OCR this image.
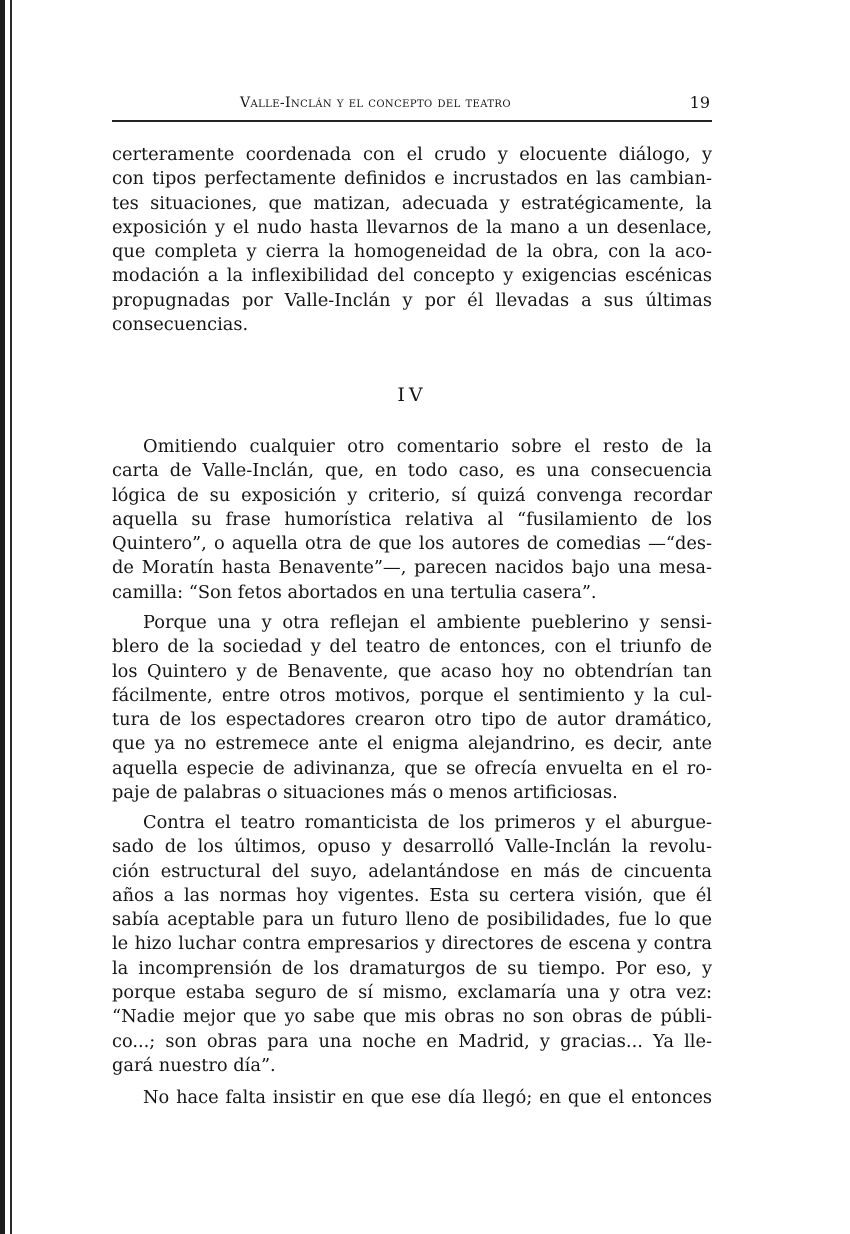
Valle-Inclán y el concepto del teatro	19
certeramente coordenada con el crudo y elocuente diálogo, y
con tipos perfectamente definidos e incrustados en las cambian-
tes situaciones, que matizan, adecuada y estratégicamente, la
exposición y el nudo hasta llevarnos de la mano a un desenlace,
que completa y cierra la homogeneidad de la obra, con la aco-
modación a la inflexibilidad del concepto y exigencias escénicas
propugnadas por Valle-Inclán y por él llevadas a sus últimas
consecuencias.
IV
Omitiendo cualquier otro comentario sobre el resto de la
carta de Valle-Inclán, que, en todo caso, es una consecuencia
lógica de su exposición y criterio, sí quizá convenga recordar
aquella su frase humorística relativa al “fusilamiento de los
Quintero”, o aquella otra de que los autores de comedias —“des-
de Moratín hasta Benavente”—, parecen nacidos bajo una mesa-
camilla: “Son fetos abortados en una tertulia casera”.
Porque una y otra reflejan el ambiente pueblerino y sensi-
blero de la sociedad y del teatro de entonces, con el triunfo de
los Quintero y de Benavente, que acaso hoy no obtendrían tan
fácilmente, entre otros motivos, porque el sentimiento y la cul-
tura de los espectadores crearon otro tipo de autor dramático,
que ya no estremece ante el enigma alejandrino, es decir, ante
aquella especie de adivinanza, que se ofrecía envuelta en el ro-
paje de palabras o situaciones más o menos artificiosas.
Contra el teatro romanticista de los primeros y el aburgue-
sado de los últimos, opuso y desarrolló Valle-Inclán la revolu-
ción estructural del suyo, adelantándose en más de cincuenta
años a las normas hoy vigentes. Esta su certera visión, que él
sabía aceptable para un futuro lleno de posibilidades, fue lo que
le hizo luchar contra empresarios y directores de escena y contra
la incomprensión de los dramaturgos de su tiempo. Por eso, y
porque estaba seguro de sí mismo, exclamaría una y otra vez:
“Nadie mejor que yo sabe que mis obras no son obras de públi-
co...; son obras para una noche en Madrid, y gracias... Ya lle-
gará nuestro día”.
No hace falta insistir en que ese día llegó; en que el entonces
